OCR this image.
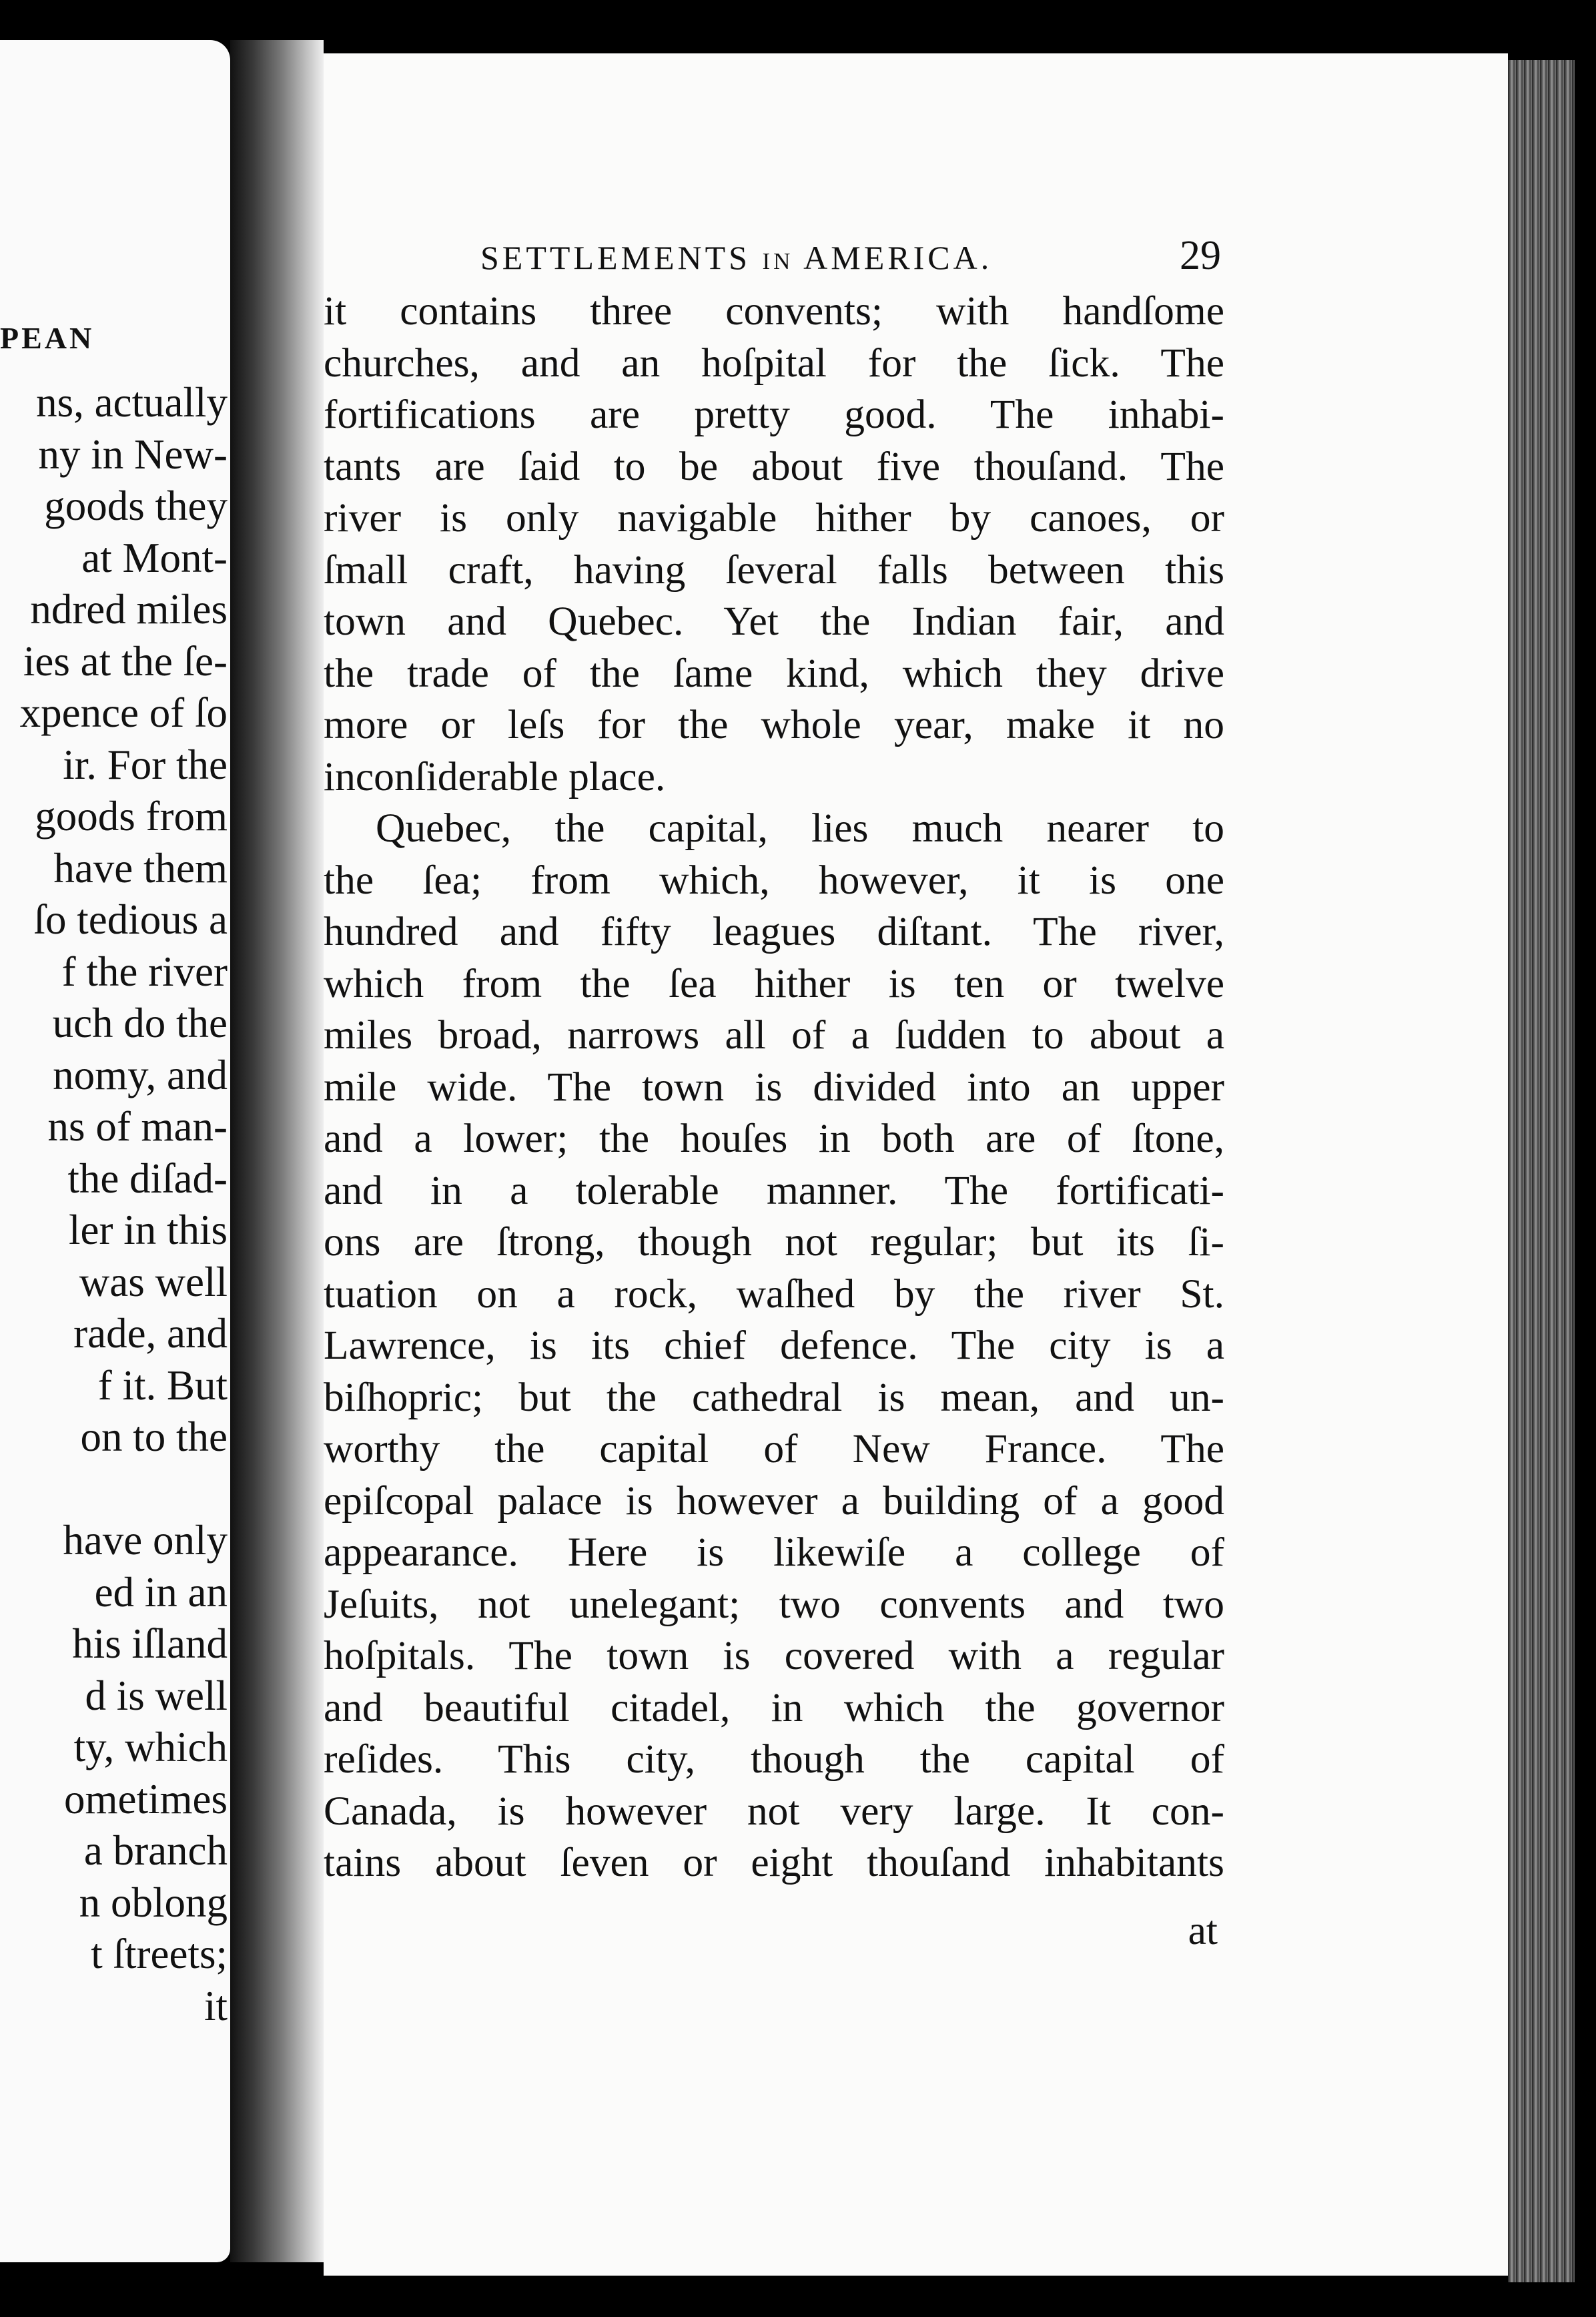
PEAN
ns, actually
ny in New-
goods they
at Mont-
ndred miles
ies at the ſe-
xpence of ſo
ir. For the
goods from
have them
ſo tedious a
f the river
uch do the
nomy, and
ns of man-
the diſad-
ler in this
was well
rade, and
f it. But
on to the

have only
ed in an
his iſland
d is well
ty, which
ometimes
a branch
n oblong
t ſtreets;
it
SETTLEMENTS in AMERICA.	29
it contains three convents; with handſome
churches, and an hoſpital for the ſick. The
fortifications are pretty good. The inhabi-
tants are ſaid to be about five thouſand. The
river is only navigable hither by canoes, or
ſmall craft, having ſeveral falls between this
town and Quebec. Yet the Indian fair, and
the trade of the ſame kind, which they drive
more or leſs for the whole year, make it no
inconſiderable place.
Quebec, the capital, lies much nearer to
the ſea; from which, however, it is one
hundred and fifty leagues diſtant. The river,
which from the ſea hither is ten or twelve
miles broad, narrows all of a ſudden to about a
mile wide. The town is divided into an upper
and a lower; the houſes in both are of ſtone,
and in a tolerable manner. The fortificati-
ons are ſtrong, though not regular; but its ſi-
tuation on a rock, waſhed by the river St.
Lawrence, is its chief defence. The city is a
biſhopric; but the cathedral is mean, and un-
worthy the capital of New France. The
epiſcopal palace is however a building of a good
appearance. Here is likewiſe a college of
Jeſuits, not unelegant; two convents and two
hoſpitals. The town is covered with a regular
and beautiful citadel, in which the governor
reſides. This city, though the capital of
Canada, is however not very large. It con-
tains about ſeven or eight thouſand inhabitants
at
